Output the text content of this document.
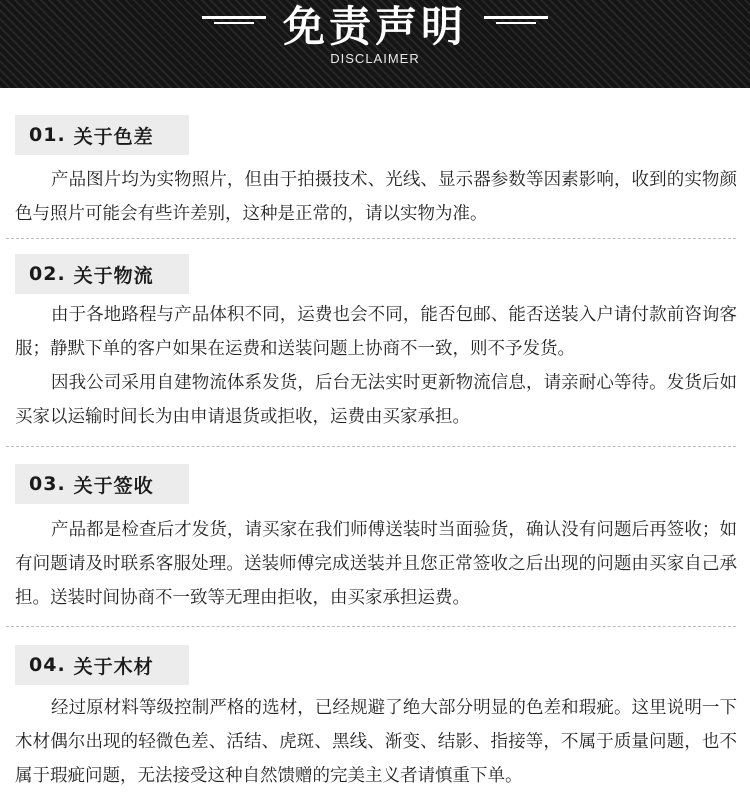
免责声明
DISCLAIMER
01. 关于色差
产品图片均为实物照片，但由于拍摄技术、光线、显示器参数等因素影响，收到的实物颜色与照片可能会有些许差别，这种是正常的，请以实物为准。
02. 关于物流
由于各地路程与产品体积不同，运费也会不同，能否包邮、能否送装入户请付款前咨询客服；静默下单的客户如果在运费和送装问题上协商不一致，则不予发货。
因我公司采用自建物流体系发货，后台无法实时更新物流信息，请亲耐心等待。发货后如买家以运输时间长为由申请退货或拒收，运费由买家承担。
03. 关于签收
产品都是检查后才发货，请买家在我们师傅送装时当面验货，确认没有问题后再签收；如有问题请及时联系客服处理。送装师傅完成送装并且您正常签收之后出现的问题由买家自己承担。送装时间协商不一致等无理由拒收，由买家承担运费。
04. 关于木材
经过原材料等级控制严格的选材，已经规避了绝大部分明显的色差和瑕疵。这里说明一下木材偶尔出现的轻微色差、活结、虎斑、黑线、渐变、结影、指接等，不属于质量问题，也不属于瑕疵问题，无法接受这种自然馈赠的完美主义者请慎重下单。
